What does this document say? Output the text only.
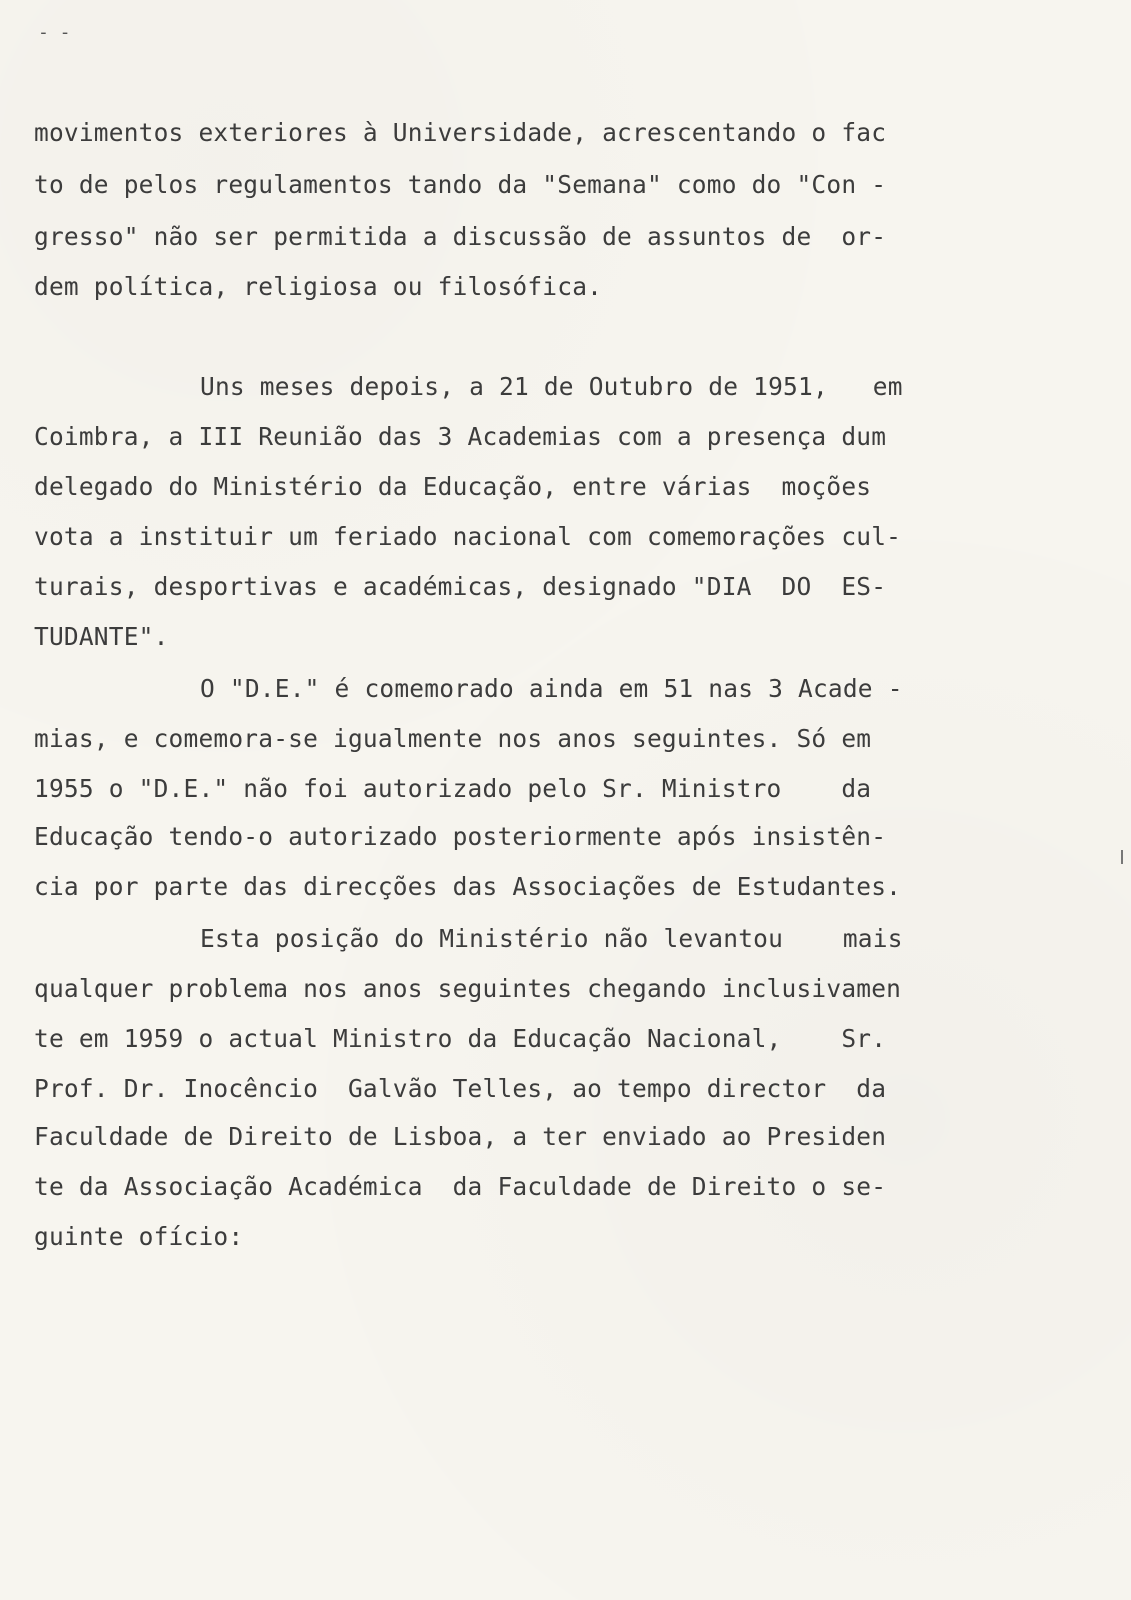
- -
movimentos exteriores à Universidade, acrescentando o fac
to de pelos regulamentos tando da "Semana" como do "Con -
gresso" não ser permitida a discussão de assuntos de  or-
dem política, religiosa ou filosófica.
Uns meses depois, a 21 de Outubro de 1951,   em
Coimbra, a III Reunião das 3 Academias com a presença dum
delegado do Ministério da Educação, entre várias  moções
vota a instituir um feriado nacional com comemorações cul-
turais, desportivas e académicas, designado "DIA  DO  ES-
TUDANTE".
O "D.E." é comemorado ainda em 51 nas 3 Acade -
mias, e comemora-se igualmente nos anos seguintes. Só em
1955 o "D.E." não foi autorizado pelo Sr. Ministro    da
Educação tendo-o autorizado posteriormente após insistên-
cia por parte das direcções das Associações de Estudantes.
Esta posição do Ministério não levantou    mais
qualquer problema nos anos seguintes chegando inclusivamen
te em 1959 o actual Ministro da Educação Nacional,    Sr.
Prof. Dr. Inocêncio  Galvão Telles, ao tempo director  da
Faculdade de Direito de Lisboa, a ter enviado ao Presiden
te da Associação Académica  da Faculdade de Direito o se-
guinte ofício:
